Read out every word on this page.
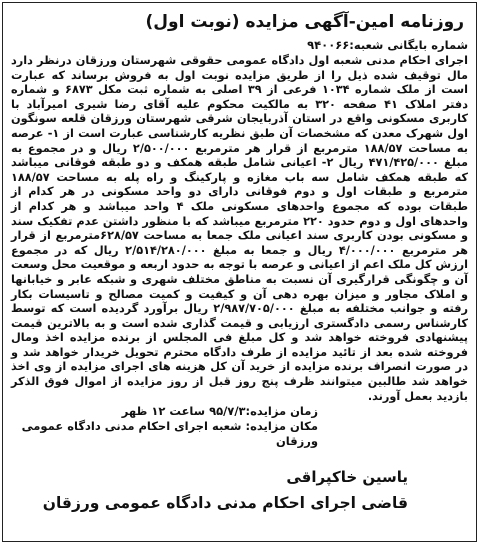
روزنامه امین-آگهی مزایده (نوبت اول)
شماره بایگانی شعبه:۹۴۰۰۶۶
اجرای احکام مدنی شعبه اول دادگاه عمومی حقوقی شهرستان ورزقان درنظر دارد مال توقیف شده ذیل را از طریق مزایده نوبت اول به فروش برساند که عبارت است از ملک شماره ۱۰۳۴ فرعی از ۳۹ اصلی به شماره ثبت مکل ۶۸۷۳ و شماره دفتر املاک ۴۱ صفحه ۳۲۰ به مالکیت محکوم علیه آقای رضا شیری امیرآباد با کاربری مسکونی واقع در استان آذربایجان شرقی شهرستان ورزقان قلعه سونگون اول شهرک معدن که مشخصات آن طبق نظریه کارشناسی عبارت است از ۱- عرصه به مساحت ۱۸۸/۵۷ مترمربع از قرار هر مترمربع ۲/۵۰۰/۰۰۰ ریال و در مجموع به مبلغ ۴۷۱/۴۲۵/۰۰۰ ریال ۲- اعیانی شامل طبقه همکف و دو طبقه فوقانی میباشد که طبقه همکف شامل سه باب مغازه و پارکینگ و راه پله به مساحت ۱۸۸/۵۷ مترمربع و طبقات اول و دوم فوقانی دارای دو واحد مسکونی در هر کدام از طبقات بوده که مجموع واحدهای مسکونی ملک ۴ واحد میباشد و هر کدام از واحدهای اول و دوم حدود ۲۲۰ مترمربع میباشد که با منظور داشتن عدم تفکیک سند و مسکونی بودن کاربری سند اعیانی ملک جمعا به مساحت ۶۲۸/۵۷مترمربع از قرار هر مترمربع ۴/۰۰۰/۰۰۰ ریال و جمعا به مبلغ ۲/۵۱۴/۲۸۰/۰۰۰ ریال که در مجموع ارزش کل ملک اعم از اعیانی و عرصه با توجه به حدود اربعه و موقعیت محل وسعت آن و چگونگی قرارگیری آن نسبت به مناطق مختلف شهری و شبکه عابر و خیابانها و املاک مجاور و میزان بهره دهی آن و کیفیت و کمیت مصالح و تاسیسات بکار رفته و جوانب مختلفه به مبلغ ۲/۹۸۷/۷۰۵/۰۰۰ ریال برآورد گردیده است که توسط کارشناس رسمی دادگستری ارزیابی و قیمت گذاری شده است و به بالاترین قیمت پیشنهادی فروخته خواهد شد و کل مبلغ فی المجلس از برنده مزایده اخذ ومال فروخته شده بعد از تائید مزایده از طرف دادگاه محترم تحویل خریدار خواهد شد و در صورت انصراف برنده مزایده از خرید آن کل هزینه های اجرای مزایده از وی اخذ خواهد شد طالبین میتوانند ظرف پنج روز قبل از روز مزایده از اموال فوق الذکر بازدید بعمل آورند.
زمان مزایده:۹۵/۷/۳ ساعت ۱۲ ظهر
مکان مزایده: شعبه اجرای احکام مدنی دادگاه عمومی ورزقان
یاسین خاکپراقی
قاضی اجرای احکام مدنی دادگاه عمومی ورزقان
